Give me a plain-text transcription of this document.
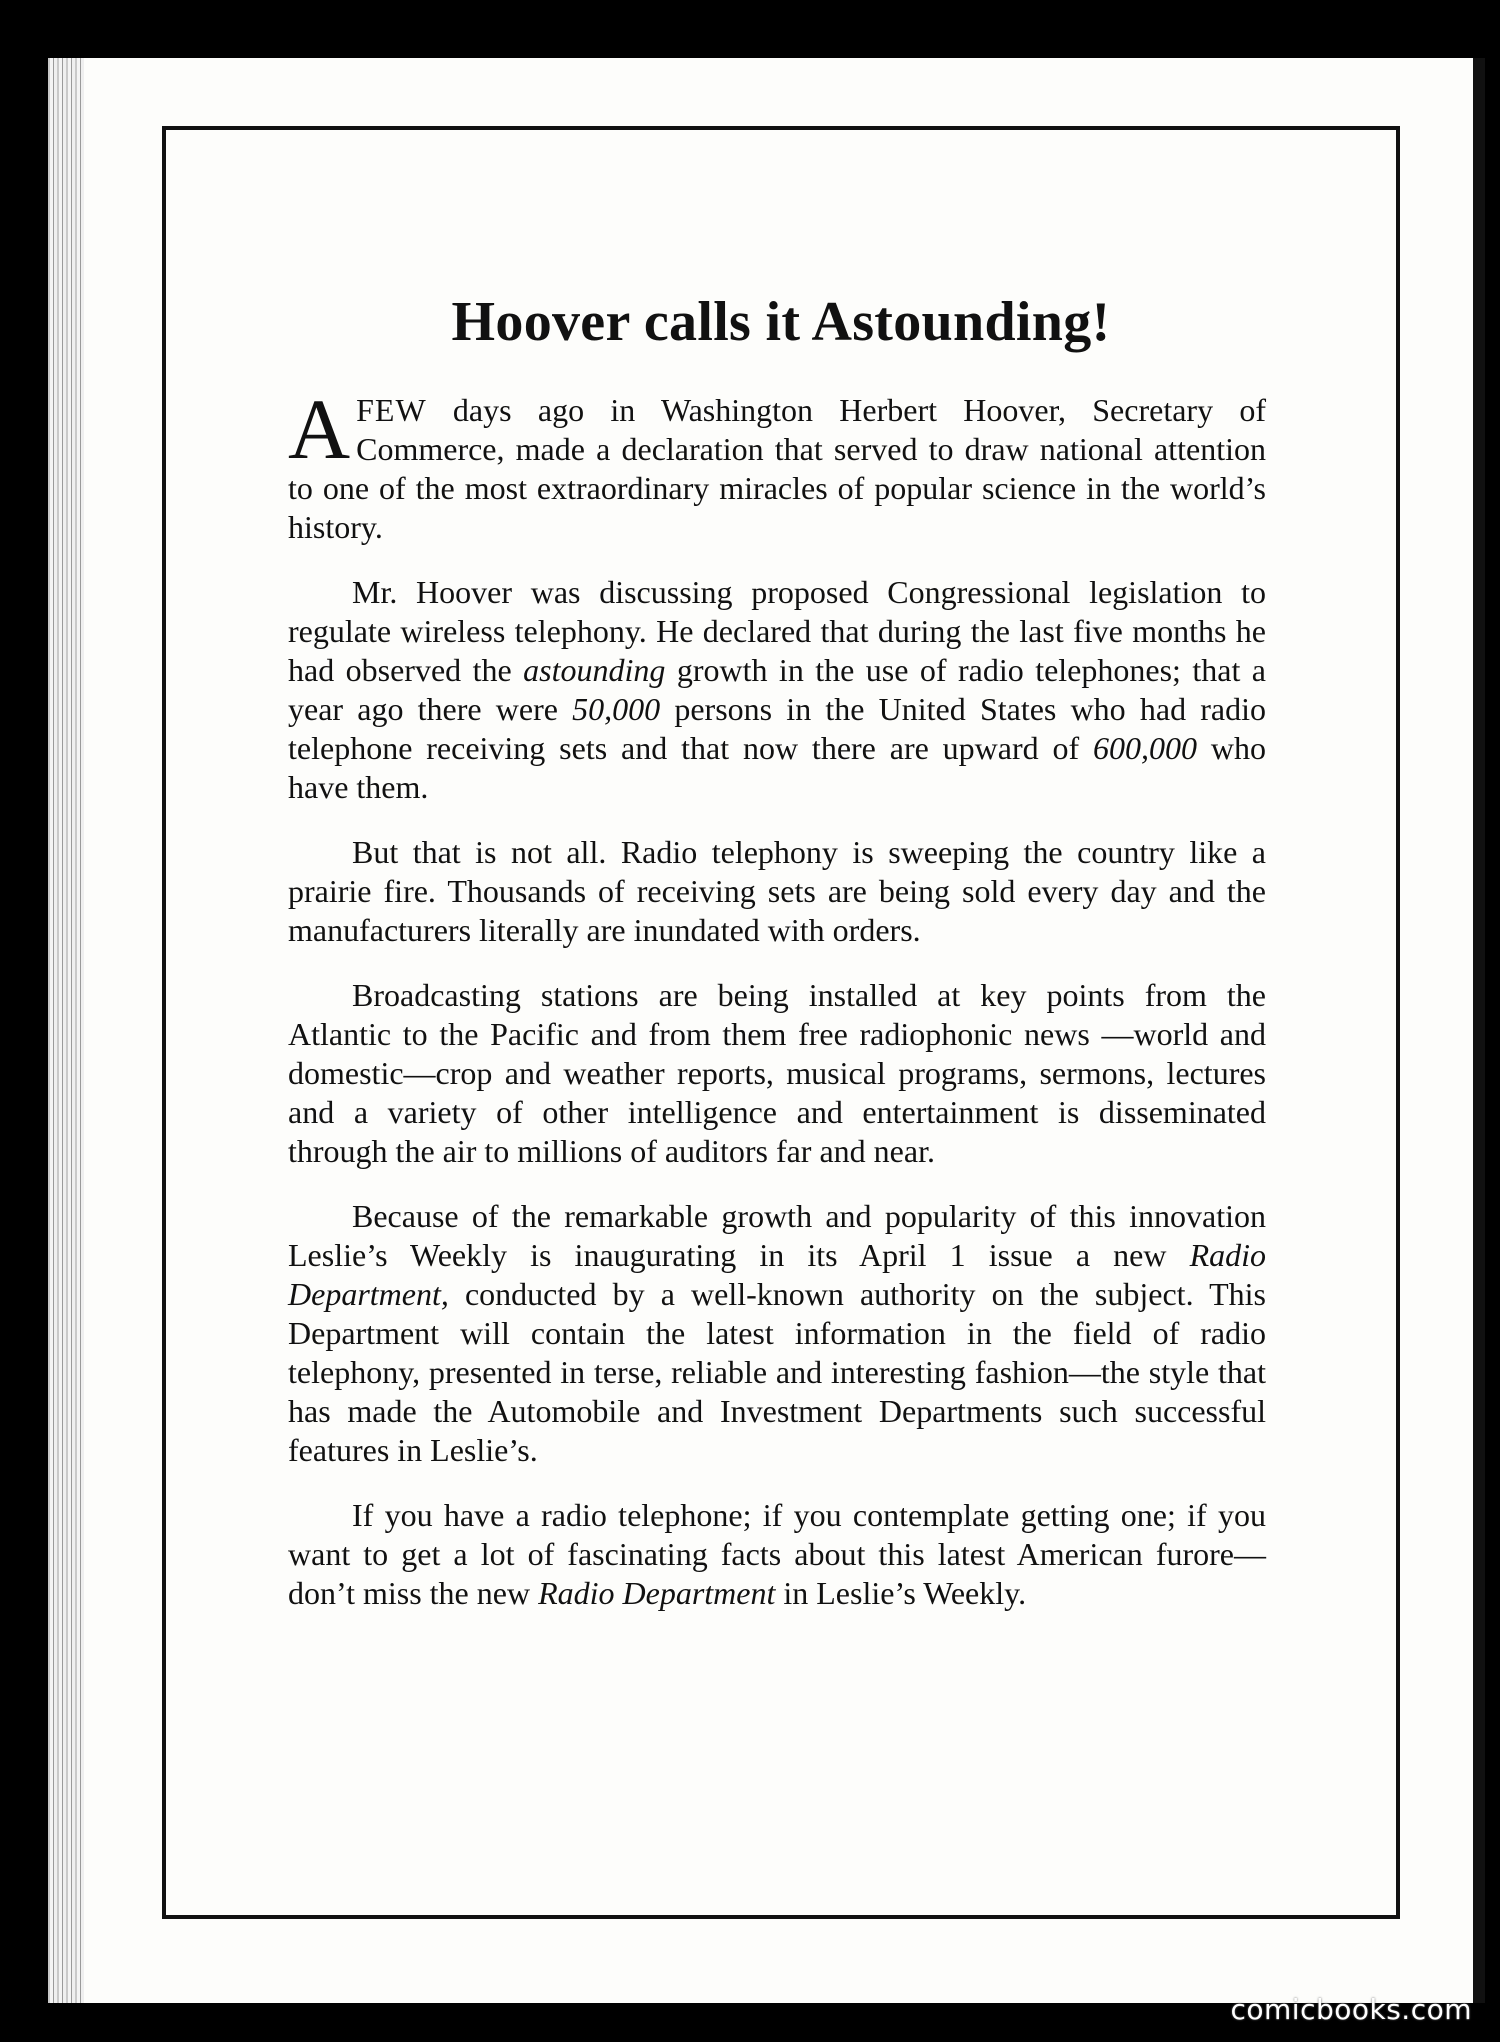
Hoover calls it Astounding!

AFEW days ago in Washington Herbert Hoover, Secretary of Commerce, made a declaration that served to draw national attention to one of the most extraordinary miracles of popular science in the world’s history.

Mr. Hoover was discussing proposed Congressional legislation to regulate wireless telephony. He declared that during the last five months he had observed the astounding growth in the use of radio telephones; that a year ago there were 50,000 persons in the United States who had radio telephone receiving sets and that now there are upward of 600,000 who have them.

But that is not all. Radio telephony is sweeping the country like a prairie fire. Thousands of receiving sets are being sold every day and the manufacturers literally are inundated with orders.

Broadcasting stations are being installed at key points from the Atlantic to the Pacific and from them free radiophonic news —world and domestic—crop and weather reports, musical programs, sermons, lectures and a variety of other intelligence and entertainment is disseminated through the air to millions of auditors far and near.

Because of the remarkable growth and popularity of this innovation Leslie’s Weekly is inaugurating in its April 1 issue a new Radio Department, conducted by a well-known authority on the subject. This Department will contain the latest information in the field of radio telephony, presented in terse, reliable and interesting fashion—the style that has made the Automobile and Investment Departments such successful features in Leslie’s.

If you have a radio telephone; if you contemplate getting one; if you want to get a lot of fascinating facts about this latest American furore—don’t miss the new Radio Department in Leslie’s Weekly.

comicbooks.com
